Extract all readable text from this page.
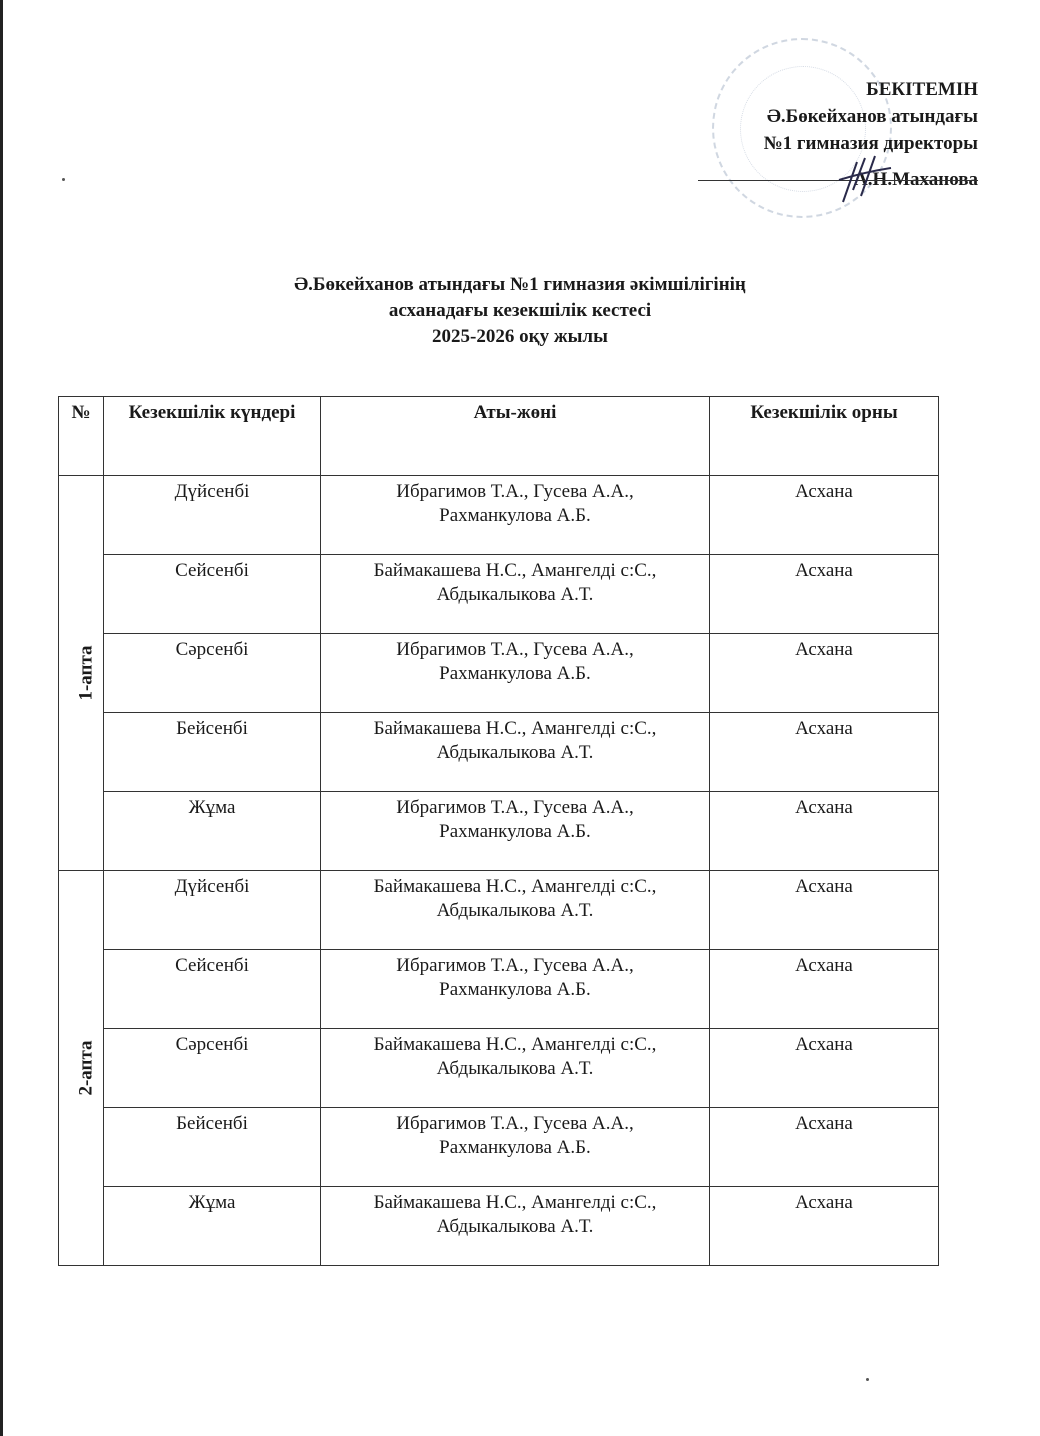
БЕКІТЕМІН
Ә.Бөкейханов атындағы
№1 гимназия директоры
А.Н.Маханова
Ә.Бөкейханов атындағы №1 гимназия әкімшілігінің
асханадағы кезекшілік кестесі
2025-2026 оқу жылы
№	Кезекшілік күндері	Аты-жөні	Кезекшілік орны
1-апта	Дүйсенбі	Ибрагимов Т.А., Гусева А.А.,
Рахманкулова А.Б.	Асхана
	Сейсенбі	Баймакашева Н.С., Амангелді с:С.,
Абдыкалыкова А.Т.	Асхана
	Сәрсенбі	Ибрагимов Т.А., Гусева А.А.,
Рахманкулова А.Б.	Асхана
	Бейсенбі	Баймакашева Н.С., Амангелді с:С.,
Абдыкалыкова А.Т.	Асхана
	Жұма	Ибрагимов Т.А., Гусева А.А.,
Рахманкулова А.Б.	Асхана
2-апта	Дүйсенбі	Баймакашева Н.С., Амангелді с:С.,
Абдыкалыкова А.Т.	Асхана
	Сейсенбі	Ибрагимов Т.А., Гусева А.А.,
Рахманкулова А.Б.	Асхана
	Сәрсенбі	Баймакашева Н.С., Амангелді с:С.,
Абдыкалыкова А.Т.	Асхана
	Бейсенбі	Ибрагимов Т.А., Гусева А.А.,
Рахманкулова А.Б.	Асхана
	Жұма	Баймакашева Н.С., Амангелді с:С.,
Абдыкалыкова А.Т.	Асхана
